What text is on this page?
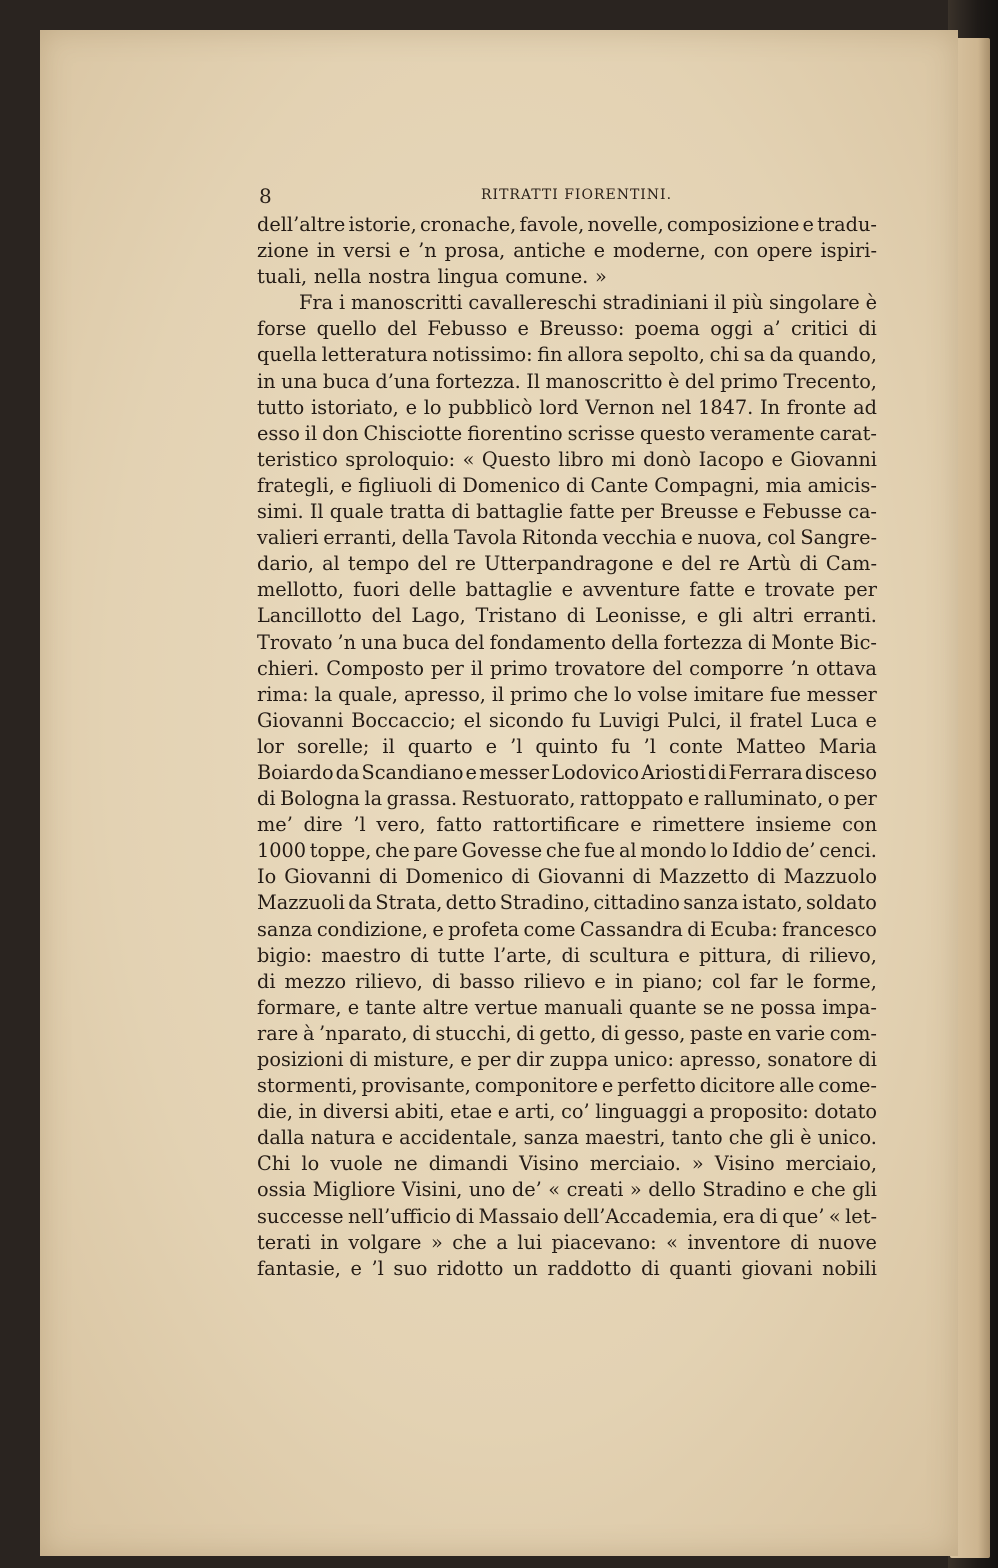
8	RITRATTI FIORENTINI.
dell’altre istorie, cronache, favole, novelle, composizione e tradu-
zione in versi e ’n prosa, antiche e moderne, con opere ispiri-
tuali, nella nostra lingua comune. »
Fra i manoscritti cavallereschi stradiniani il più singolare è
forse quello del Febusso e Breusso: poema oggi a’ critici di
quella letteratura notissimo: fin allora sepolto, chi sa da quando,
in una buca d’una fortezza. Il manoscritto è del primo Trecento,
tutto istoriato, e lo pubblicò lord Vernon nel 1847. In fronte ad
esso il don Chisciotte fiorentino scrisse questo veramente carat-
teristico sproloquio: « Questo libro mi donò Iacopo e Giovanni
frategli, e figliuoli di Domenico di Cante Compagni, mia amicis-
simi. Il quale tratta di battaglie fatte per Breusse e Febusse ca-
valieri erranti, della Tavola Ritonda vecchia e nuova, col Sangre-
dario, al tempo del re Utterpandragone e del re Artù di Cam-
mellotto, fuori delle battaglie e avventure fatte e trovate per
Lancillotto del Lago, Tristano di Leonisse, e gli altri erranti.
Trovato ’n una buca del fondamento della fortezza di Monte Bic-
chieri. Composto per il primo trovatore del comporre ’n ottava
rima: la quale, apresso, il primo che lo volse imitare fue messer
Giovanni Boccaccio; el sicondo fu Luvigi Pulci, il fratel Luca e
lor sorelle; il quarto e ’l quinto fu ’l conte Matteo Maria
Boiardo da Scandiano e messer Lodovico Ariosti di Ferrara disceso
di Bologna la grassa. Restuorato, rattoppato e ralluminato, o per
me’ dire ’l vero, fatto rattortificare e rimettere insieme con
1000 toppe, che pare Govesse che fue al mondo lo Iddio de’ cenci.
Io Giovanni di Domenico di Giovanni di Mazzetto di Mazzuolo
Mazzuoli da Strata, detto Stradino, cittadino sanza istato, soldato
sanza condizione, e profeta come Cassandra di Ecuba: francesco
bigio: maestro di tutte l’arte, di scultura e pittura, di rilievo,
di mezzo rilievo, di basso rilievo e in piano; col far le forme,
formare, e tante altre vertue manuali quante se ne possa impa-
rare à ’nparato, di stucchi, di getto, di gesso, paste en varie com-
posizioni di misture, e per dir zuppa unico: apresso, sonatore di
stormenti, provisante, componitore e perfetto dicitore alle come-
die, in diversi abiti, etae e arti, co’ linguaggi a proposito: dotato
dalla natura e accidentale, sanza maestri, tanto che gli è unico.
Chi lo vuole ne dimandi Visino merciaio. » Visino merciaio,
ossia Migliore Visini, uno de’ « creati » dello Stradino e che gli
successe nell’ufficio di Massaio dell’Accademia, era di que’ « let-
terati in volgare » che a lui piacevano: « inventore di nuove
fantasie, e ’l suo ridotto un raddotto di quanti giovani nobili
